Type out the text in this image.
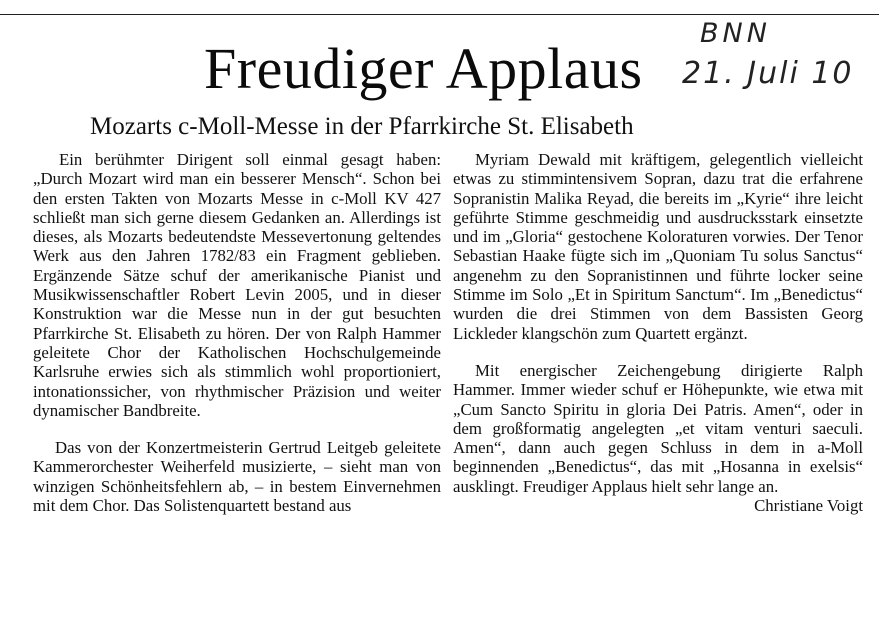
Freudiger Applaus
BNN
21. Juli 10
Mozarts c-Moll-Messe in der Pfarrkirche St. Elisabeth

Ein berühmter Dirigent soll einmal gesagt haben: „Durch Mozart wird man ein besserer Mensch“. Schon bei den ersten Takten von Mozarts Messe in c-Moll KV 427 schließt man sich gerne diesem Gedanken an. Allerdings ist dieses, als Mozarts bedeutendste Messevertonung geltendes Werk aus den Jahren 1782/83 ein Fragment geblieben. Ergänzende Sätze schuf der amerikanische Pianist und Musikwissenschaftler Robert Levin 2005, und in dieser Konstruktion war die Messe nun in der gut besuchten Pfarrkirche St. Elisabeth zu hören. Der von Ralph Hammer geleitete Chor der Katholischen Hochschulgemeinde Karlsruhe erwies sich als stimmlich wohl proportioniert, intonationssicher, von rhythmischer Präzision und weiter dynamischer Bandbreite.

Das von der Konzertmeisterin Gertrud Leitgeb geleitete Kammerorchester Weiherfeld musizierte, – sieht man von winzigen Schönheitsfehlern ab, – in bestem Einvernehmen mit dem Chor. Das Solistenquartett bestand aus

Myriam Dewald mit kräftigem, gelegentlich vielleicht etwas zu stimmintensivem Sopran, dazu trat die erfahrene Sopranistin Malika Reyad, die bereits im „Kyrie“ ihre leicht geführte Stimme geschmeidig und ausdrucksstark einsetzte und im „Gloria“ gestochene Koloraturen vorwies. Der Tenor Sebastian Haake fügte sich im „Quoniam Tu solus Sanctus“ angenehm zu den Sopranistinnen und führte locker seine Stimme im Solo „Et in Spiritum Sanctum“. Im „Benedictus“ wurden die drei Stimmen von dem Bassisten Georg Lickleder klangschön zum Quartett ergänzt.

Mit energischer Zeichengebung dirigierte Ralph Hammer. Immer wieder schuf er Höhepunkte, wie etwa mit „Cum Sancto Spiritu in gloria Dei Patris. Amen“, oder in dem großformatig angelegten „et vitam venturi saeculi. Amen“, dann auch gegen Schluss in dem in a-Moll beginnenden „Benedictus“, das mit „Hosanna in exelsis“ ausklingt. Freudiger Applaus hielt sehr lange an.
Christiane Voigt
